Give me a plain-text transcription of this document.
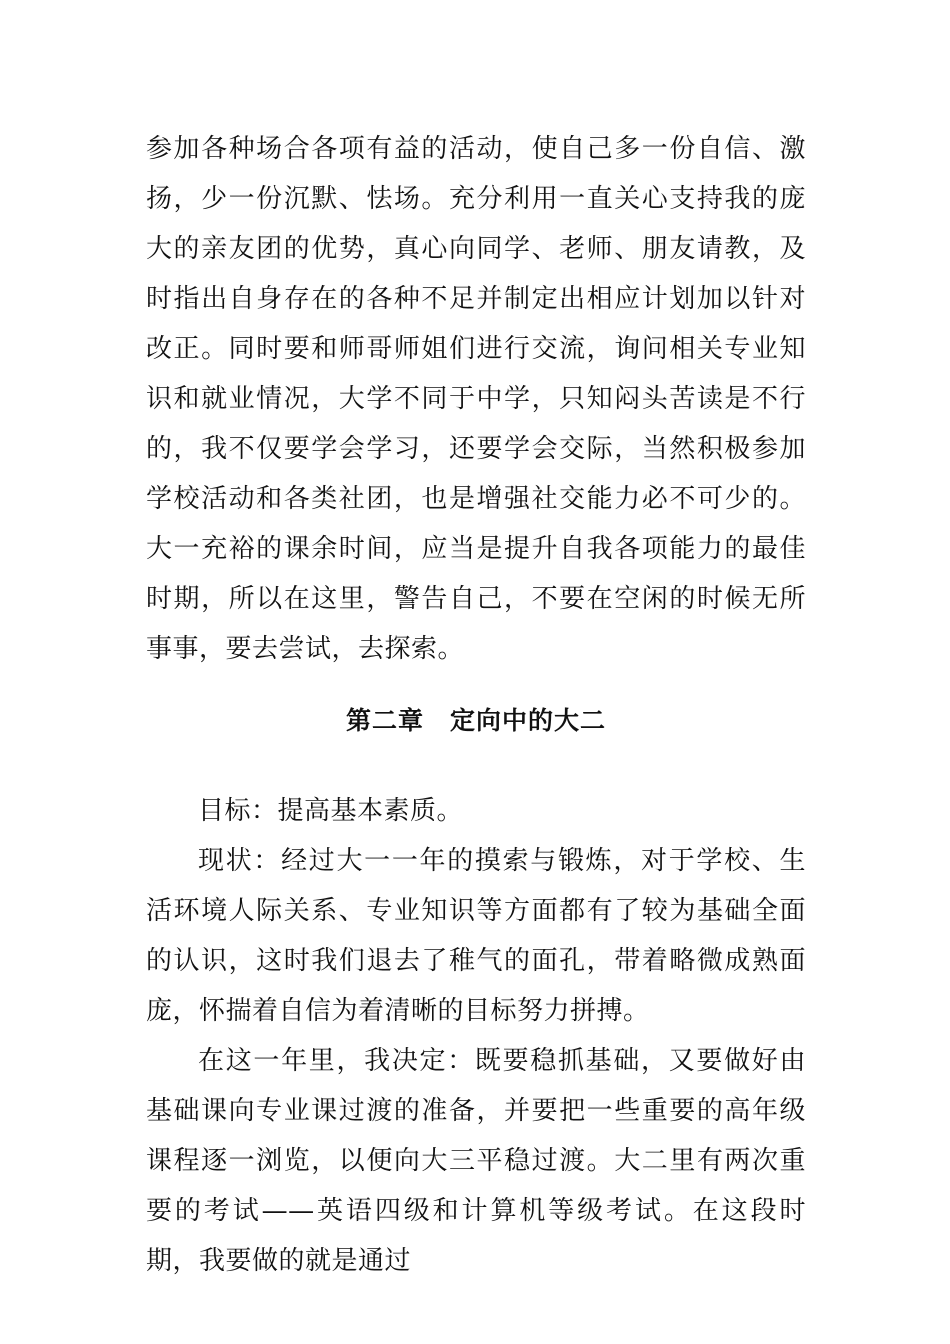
参加各种场合各项有益的活动，使自己多一份自信、激扬，少一份沉默、怯场。充分利用一直关心支持我的庞大的亲友团的优势，真心向同学、老师、朋友请教，及时指出自身存在的各种不足并制定出相应计划加以针对改正。同时要和师哥师姐们进行交流，询问相关专业知识和就业情况，大学不同于中学，只知闷头苦读是不行的，我不仅要学会学习，还要学会交际，当然积极参加学校活动和各类社团，也是增强社交能力必不可少的。大一充裕的课余时间，应当是提升自我各项能力的最佳时期，所以在这里，警告自己，不要在空闲的时候无所事事，要去尝试，去探索。

第二章　定向中的大二

目标：提高基本素质。

现状：经过大一一年的摸索与锻炼，对于学校、生活环境人际关系、专业知识等方面都有了较为基础全面的认识，这时我们退去了稚气的面孔，带着略微成熟面庞，怀揣着自信为着清晰的目标努力拼搏。

在这一年里，我决定：既要稳抓基础，又要做好由基础课向专业课过渡的准备，并要把一些重要的高年级课程逐一浏览，以便向大三平稳过渡。大二里有两次重要的考试——英语四级和计算机等级考试。在这段时期，我要做的就是通过
